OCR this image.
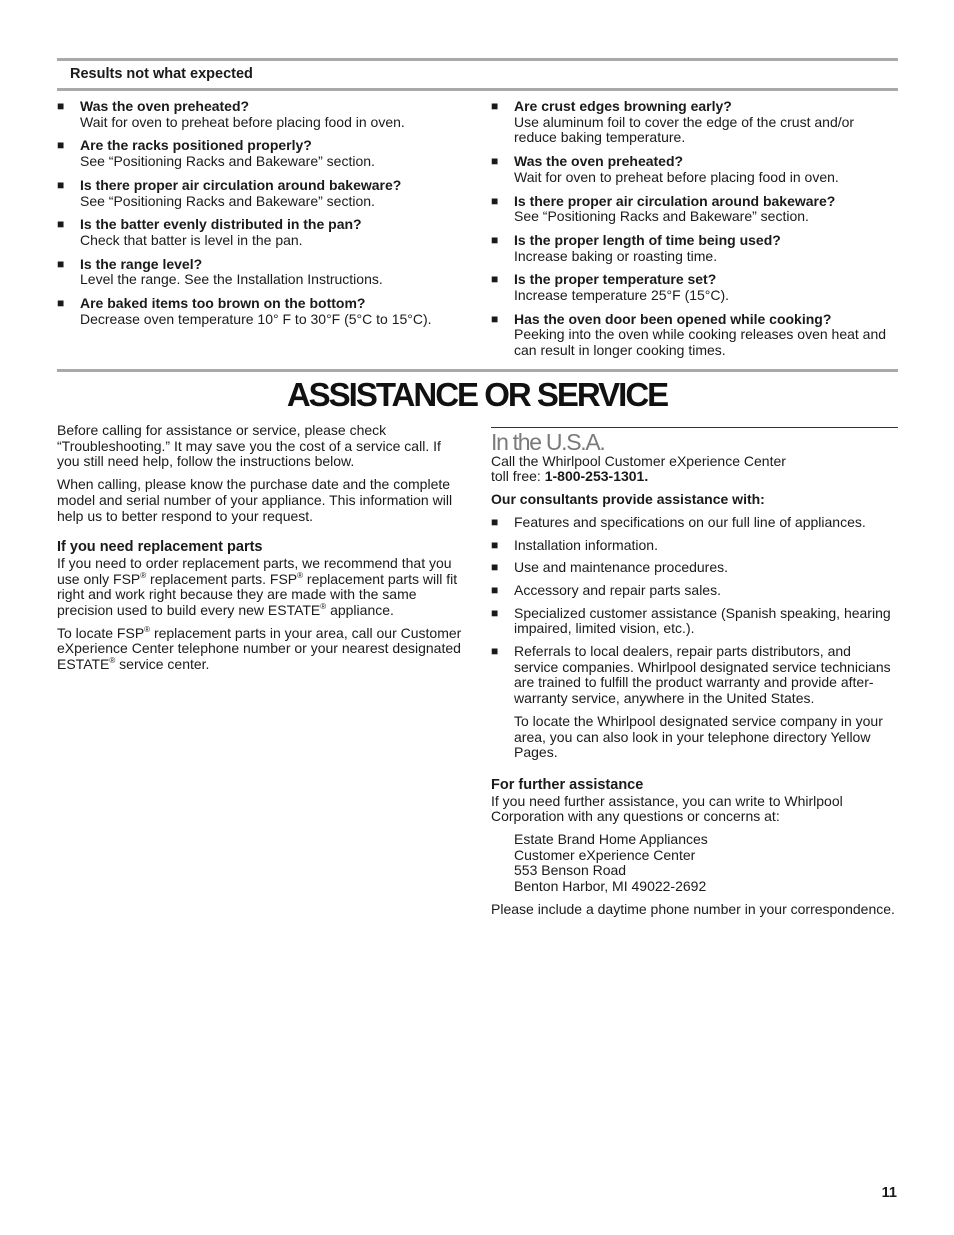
Results not what expected
■ Was the oven preheated?
Wait for oven to preheat before placing food in oven.
■ Are the racks positioned properly?
See “Positioning Racks and Bakeware” section.
■ Is there proper air circulation around bakeware?
See “Positioning Racks and Bakeware” section.
■ Is the batter evenly distributed in the pan?
Check that batter is level in the pan.
■ Is the range level?
Level the range. See the Installation Instructions.
■ Are baked items too brown on the bottom?
Decrease oven temperature 10° F to 30°F (5°C to 15°C).
■ Are crust edges browning early?
Use aluminum foil to cover the edge of the crust and/or reduce baking temperature.
■ Was the oven preheated?
Wait for oven to preheat before placing food in oven.
■ Is there proper air circulation around bakeware?
See “Positioning Racks and Bakeware” section.
■ Is the proper length of time being used?
Increase baking or roasting time.
■ Is the proper temperature set?
Increase temperature 25°F (15°C).
■ Has the oven door been opened while cooking?
Peeking into the oven while cooking releases oven heat and can result in longer cooking times.
ASSISTANCE OR SERVICE

Before calling for assistance or service, please check “Troubleshooting.” It may save you the cost of a service call. If you still need help, follow the instructions below.

When calling, please know the purchase date and the complete model and serial number of your appliance. This information will help us to better respond to your request.

If you need replacement parts

If you need to order replacement parts, we recommend that you use only FSP® replacement parts. FSP® replacement parts will fit right and work right because they are made with the same precision used to build every new ESTATE® appliance.

To locate FSP® replacement parts in your area, call our Customer eXperience Center telephone number or your nearest designated ESTATE® service center.

In the U.S.A.

Call the Whirlpool Customer eXperience Center
toll free: 1-800-253-1301.

Our consultants provide assistance with:

■ Features and specifications on our full line of appliances.
■ Installation information.
■ Use and maintenance procedures.
■ Accessory and repair parts sales.
■ Specialized customer assistance (Spanish speaking, hearing impaired, limited vision, etc.).
■ Referrals to local dealers, repair parts distributors, and service companies. Whirlpool designated service technicians are trained to fulfill the product warranty and provide after-warranty service, anywhere in the United States.

To locate the Whirlpool designated service company in your area, you can also look in your telephone directory Yellow Pages.

For further assistance

If you need further assistance, you can write to Whirlpool Corporation with any questions or concerns at:

Estate Brand Home Appliances
Customer eXperience Center
553 Benson Road
Benton Harbor, MI 49022-2692

Please include a daytime phone number in your correspondence.

11
